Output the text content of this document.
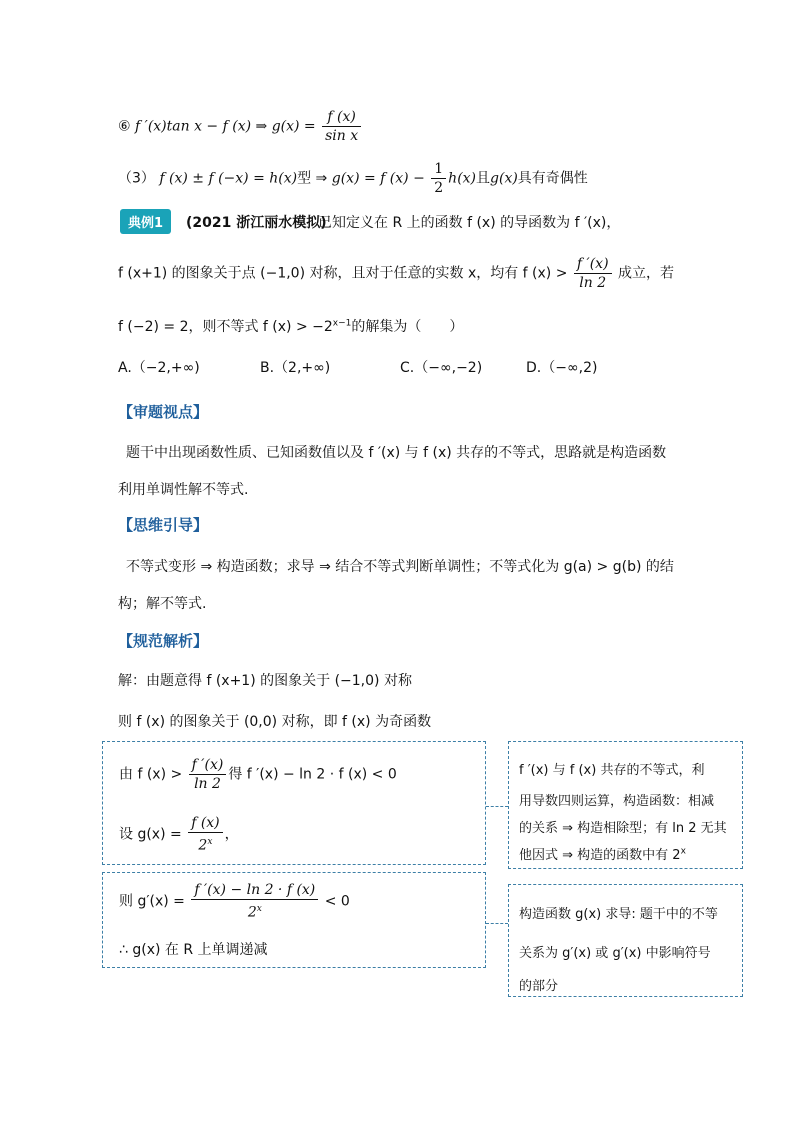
⑥ f ′(x)tan x − f (x) ⇒ $g(x) = \frac{f (x)}{\text{sin x}}$
（3） f (x) ± f (−x) = h(x)型 ⇒ g(x) = f $(x) - \frac{1}{2} h(x)$且g(x)具有奇偶性
典例1	(2021 浙江丽水模拟)
已知定义在 R 上的函数 f (x) 的导函数为 f ′(x)，
f (x+1) 的图象关于点 (−1,0) 对称，且对于任意的实数 x，均有 f $(x) > \frac{f '(x)}{\ln 2}$ 成立，若
f (−2) = 2，则不等式 f $(x) > -2^{x-1}$的解集为（　　）
A.（−2,+∞)	B.（2,+∞)	C.（−∞,−2)	D.（−∞,2)
【审题视点】
题干中出现函数性质、已知函数值以及 f ′(x) 与 f (x) 共存的不等式，思路就是构造函数
利用单调性解不等式.
【思维引导】
不等式变形 ⇒ 构造函数；求导 ⇒ 结合不等式判断单调性；不等式化为 g(a) > g(b) 的结
构；解不等式.
【规范解析】
解：由题意得 f (x+1) 的图象关于 (−1,0) 对称
则 f (x) 的图象关于 (0,0) 对称，即 f (x) 为奇函数
由 f $(x) > \frac{f '(x)}{\ln 2}$ 得 f ′(x) − ln 2 · f (x) < 0
设 $g(x) = \frac{f (x)}{2^x}$ ，
则 $g'(x) = \frac{f '(x) - \ln 2 \cdot f (x)}{2^x} < 0$
∴ g(x) 在 R 上单调递减
f ′(x) 与 f (x) 共存的不等式，利
用导数四则运算，构造函数：相减
的关系 ⇒ 构造相除型；有 ln 2 无其
他因式 ⇒ 构造的函数中有 2$^x$
构造函数 g(x) 求导: 题干中的不等
关系为 g′(x) 或 g′(x) 中影响符号
的部分
